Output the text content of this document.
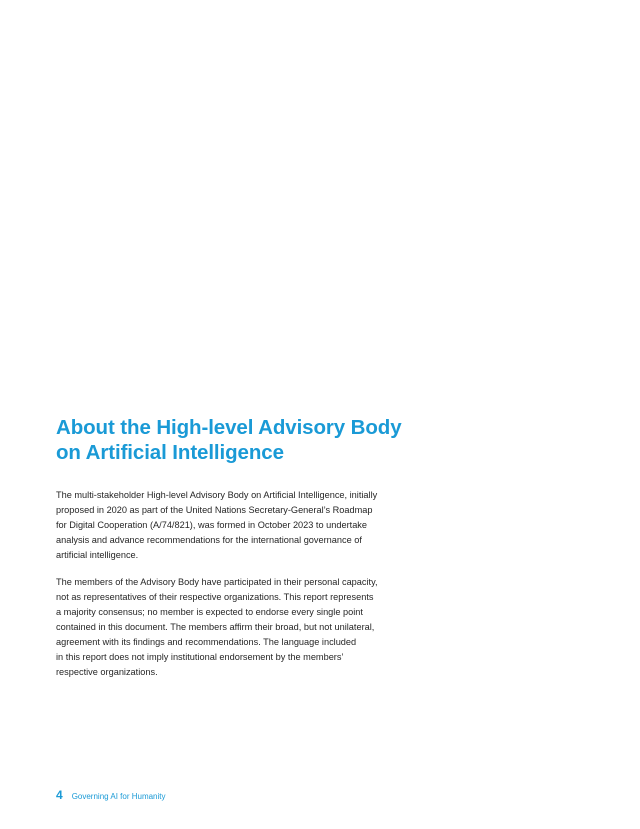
About the High-level Advisory Body
on Artificial Intelligence

The multi-stakeholder High-level Advisory Body on Artificial Intelligence, initially
proposed in 2020 as part of the United Nations Secretary-General’s Roadmap
for Digital Cooperation (A/74/821), was formed in October 2023 to undertake
analysis and advance recommendations for the international governance of
artificial intelligence.

The members of the Advisory Body have participated in their personal capacity,
not as representatives of their respective organizations. This report represents
a majority consensus; no member is expected to endorse every single point
contained in this document. The members affirm their broad, but not unilateral,
agreement with its findings and recommendations. The language included
in this report does not imply institutional endorsement by the members’
respective organizations.

4 Governing AI for Humanity
